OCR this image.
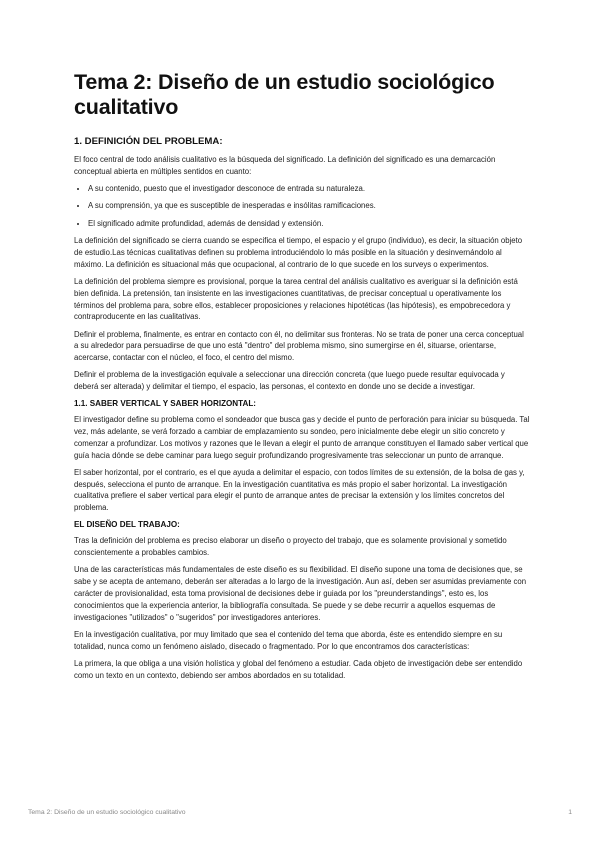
Tema 2: Diseño de un estudio sociológico cualitativo
1. DEFINICIÓN DEL PROBLEMA:

El foco central de todo análisis cualitativo es la búsqueda del significado. La definición del significado es una demarcación conceptual abierta en múltiples sentidos en cuanto:

• A su contenido, puesto que el investigador desconoce de entrada su naturaleza.
• A su comprensión, ya que es susceptible de inesperadas e insólitas ramificaciones.
• El significado admite profundidad, además de densidad y extensión.

La definición del significado se cierra cuando se especifica el tiempo, el espacio y el grupo (individuo), es decir, la situación objeto de estudio.Las técnicas cualitativas definen su problema introduciéndolo lo más posible en la situación y desinvernándolo al máximo. La definición es situacional más que ocupacional, al contrario de lo que sucede en los surveys o experimentos.

La definición del problema siempre es provisional, porque la tarea central del análisis cualitativo es averiguar si la definición está bien definida. La pretensión, tan insistente en las investigaciones cuantitativas, de precisar conceptual u operativamente los términos del problema para, sobre ellos, establecer proposiciones y relaciones hipotéticas (las hipótesis), es empobrecedora y contraproducente en las cualitativas.

Definir el problema, finalmente, es entrar en contacto con él, no delimitar sus fronteras. No se trata de poner una cerca conceptual a su alrededor para persuadirse de que uno está "dentro" del problema mismo, sino sumergirse en él, situarse, orientarse, acercarse, contactar con el núcleo, el foco, el centro del mismo.

Definir el problema de la investigación equivale a seleccionar una dirección concreta (que luego puede resultar equivocada y deberá ser alterada) y delimitar el tiempo, el espacio, las personas, el contexto en donde uno se decide a investigar.

1.1. SABER VERTICAL Y SABER HORIZONTAL:

El investigador define su problema como el sondeador que busca gas y decide el punto de perforación para iniciar su búsqueda. Tal vez, más adelante, se verá forzado a cambiar de emplazamiento su sondeo, pero inicialmente debe elegir un sitio concreto y comenzar a profundizar. Los motivos y razones que le llevan a elegir el punto de arranque constituyen el llamado saber vertical que guía hacia dónde se debe caminar para luego seguir profundizando progresivamente tras seleccionar un punto de arranque.

El saber horizontal, por el contrario, es el que ayuda a delimitar el espacio, con todos límites de su extensión, de la bolsa de gas y, después, selecciona el punto de arranque. En la investigación cuantitativa es más propio el saber horizontal. La investigación cualitativa prefiere el saber vertical para elegir el punto de arranque antes de precisar la extensión y los límites concretos del problema.

EL DISEÑO DEL TRABAJO:

Tras la definición del problema es preciso elaborar un diseño o proyecto del trabajo, que es solamente provisional y sometido conscientemente a probables cambios.

Una de las características más fundamentales de este diseño es su flexibilidad. El diseño supone una toma de decisiones que, se sabe y se acepta de antemano, deberán ser alteradas a lo largo de la investigación. Aun así, deben ser asumidas previamente con carácter de provisionalidad, esta toma provisional de decisiones debe ir guiada por los "preunderstandings", esto es, los conocimientos que la experiencia anterior, la bibliografía consultada. Se puede y se debe recurrir a aquellos esquemas de investigaciones "utilizados" o "sugeridos" por investigadores anteriores.

En la investigación cualitativa, por muy limitado que sea el contenido del tema que aborda, éste es entendido siempre en su totalidad, nunca como un fenómeno aislado, disecado o fragmentado. Por lo que encontramos dos características:

La primera, la que obliga a una visión holística y global del fenómeno a estudiar. Cada objeto de investigación debe ser entendido como un texto en un contexto, debiendo ser ambos abordados en su totalidad.

Tema 2: Diseño de un estudio sociológico cualitativo	1
